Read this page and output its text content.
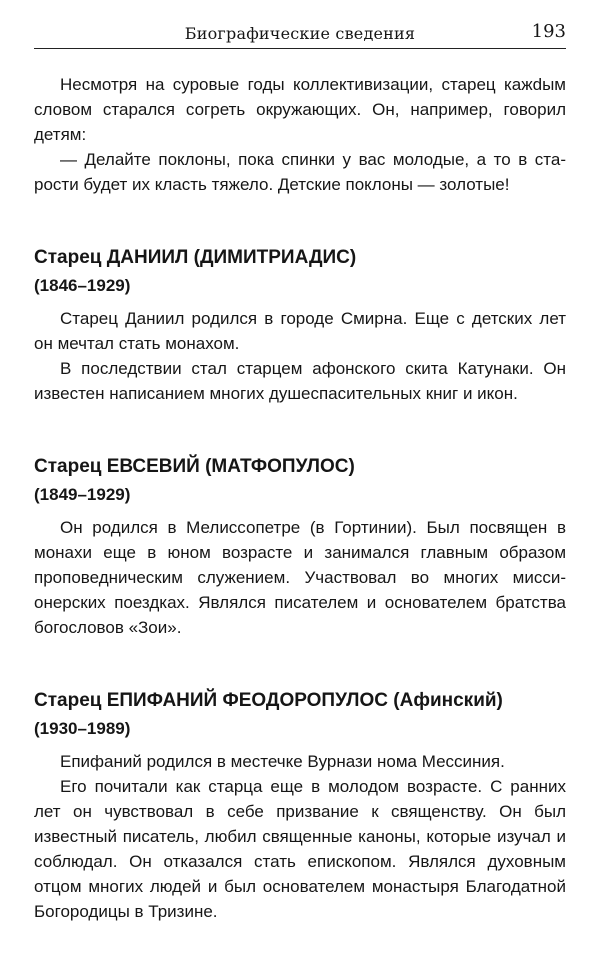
Биографические сведения	193

Несмотря на суровые годы коллективизации, старец кажdым словом старался согреть окружающих. Он, например, говорил детям:

— Делайте поклоны, пока спинки у вас молодые, а то в старости будет их класть тяжело. Детские поклоны — золотые!

Старец ДАНИИЛ (ДИМИТРИАДИС)
(1846–1929)

Старец Даниил родился в городе Смирна. Еще с детских лет он мечтал стать монахом.

В последствии стал старцем афонского скита Катунаки. Он известен написанием многих душеспасительных книг и икон.

Старец ЕВСЕВИЙ (МАТФОПУЛОС)
(1849–1929)

Он родился в Мелиссопетре (в Гортинии). Был посвящен в монахи еще в юном возрасте и занимался главным образом проповедническим служением. Участвовал во многих миссионерских поездках. Являлся писателем и основателем братства богословов «Зои».

Старец ЕПИФАНИЙ ФЕОДОРОПУЛОС (Афинский)
(1930–1989)

Епифаний родился в местечке Вурнази нома Мессиния.

Его почитали как старца еще в молодом возрасте. С ранних лет он чувствовал в себе призвание к священству. Он был известный писатель, любил священные каноны, которые изучал и соблюдал. Он отказался стать епископом. Являлся духовным отцом многих людей и был основателем монастыря Благодатной Богородицы в Тризине.
